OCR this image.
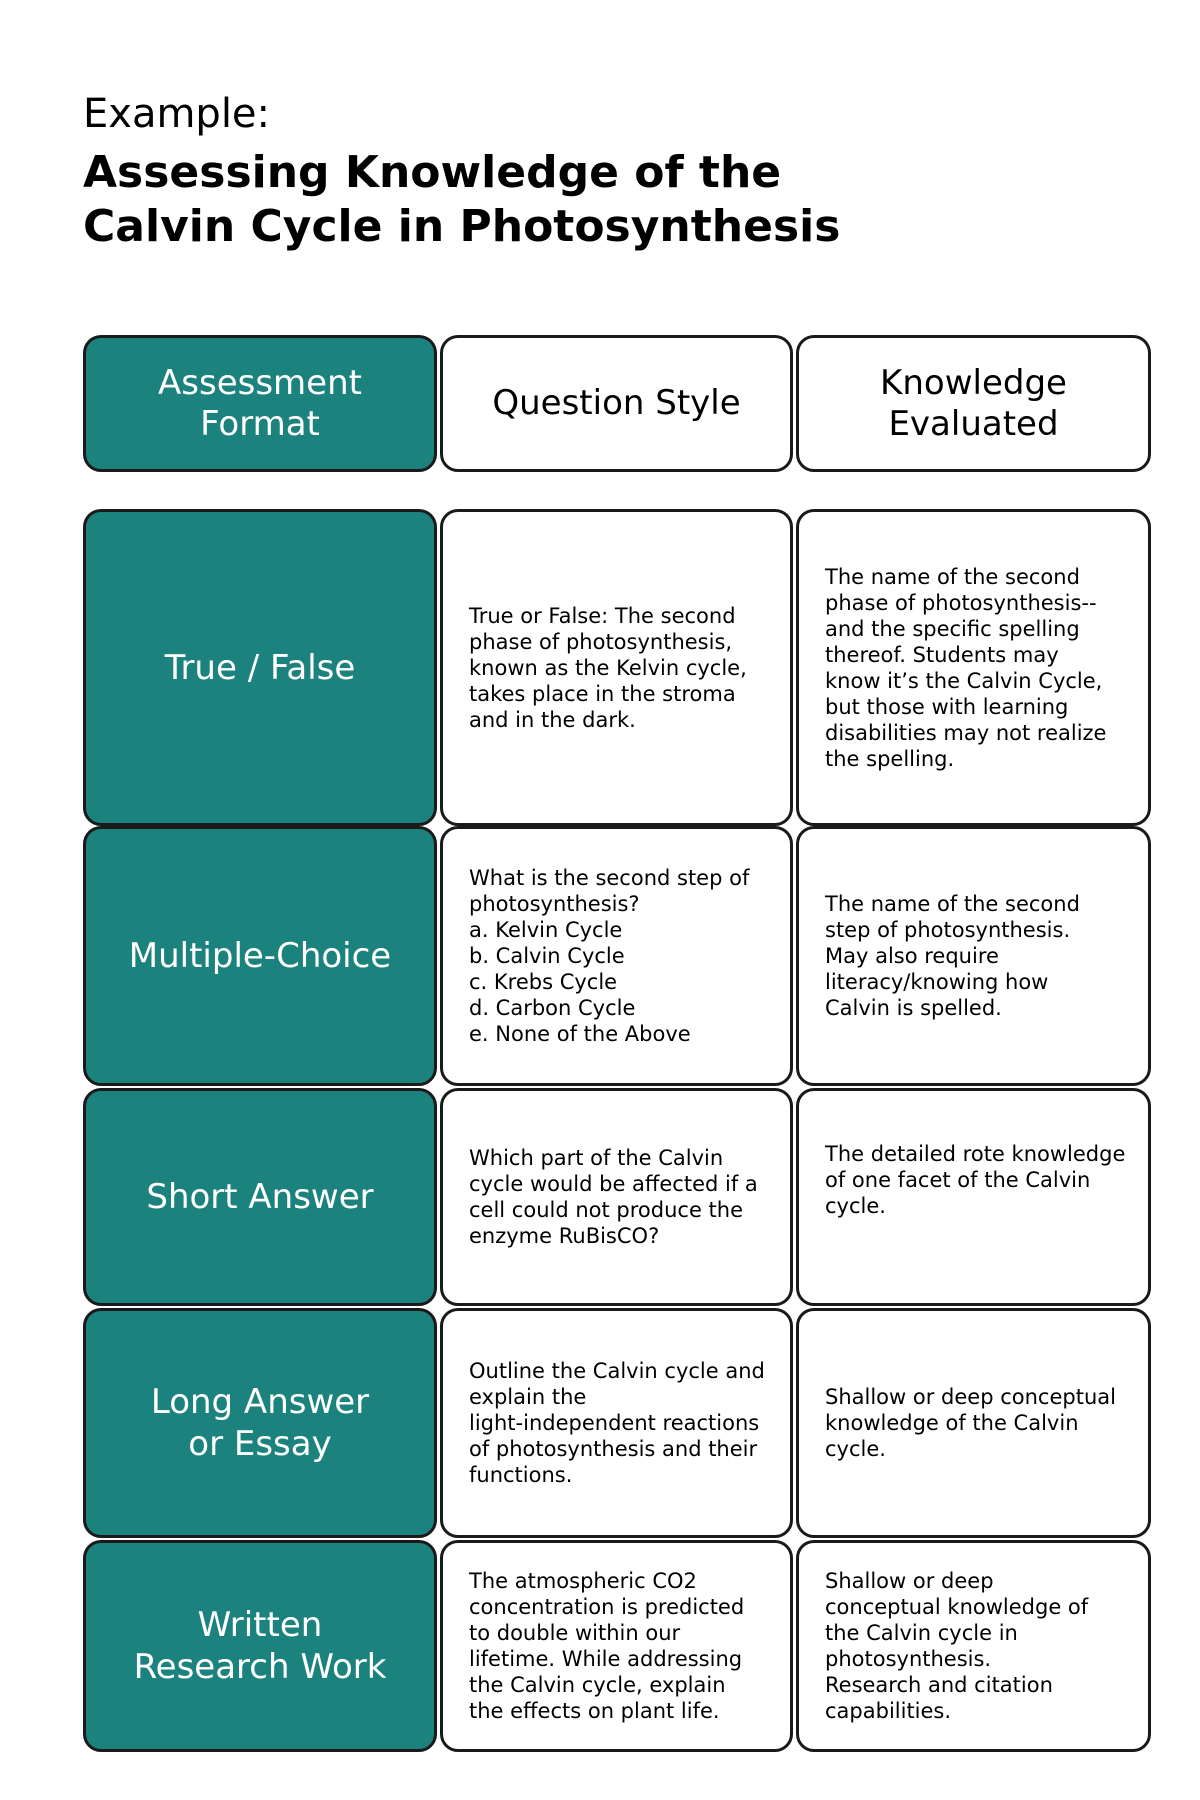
Example:
Assessing Knowledge of the
Calvin Cycle in Photosynthesis
Assessment
Format
Question Style
Knowledge
Evaluated
True / False
True or False: The second
phase of photosynthesis,
known as the Kelvin cycle,
takes place in the stroma
and in the dark.
The name of the second
phase of photosynthesis--
and the specific spelling
thereof. Students may
know it’s the Calvin Cycle,
but those with learning
disabilities may not realize
the spelling.
Multiple-Choice
What is the second step of
photosynthesis?
a. Kelvin Cycle
b. Calvin Cycle
c. Krebs Cycle
d. Carbon Cycle
e. None of the Above
The name of the second
step of photosynthesis.
May also require
literacy/knowing how
Calvin is spelled.
Short Answer
Which part of the Calvin
cycle would be affected if a
cell could not produce the
enzyme RuBisCO?
The detailed rote knowledge
of one facet of the Calvin
cycle.
Long Answer
or Essay
Outline the Calvin cycle and
explain the
light-independent reactions
of photosynthesis and their
functions.
Shallow or deep conceptual
knowledge of the Calvin
cycle.
Written
Research Work
The atmospheric CO2
concentration is predicted
to double within our
lifetime. While addressing
the Calvin cycle, explain
the effects on plant life.
Shallow or deep
conceptual knowledge of
the Calvin cycle in
photosynthesis.
Research and citation
capabilities.
